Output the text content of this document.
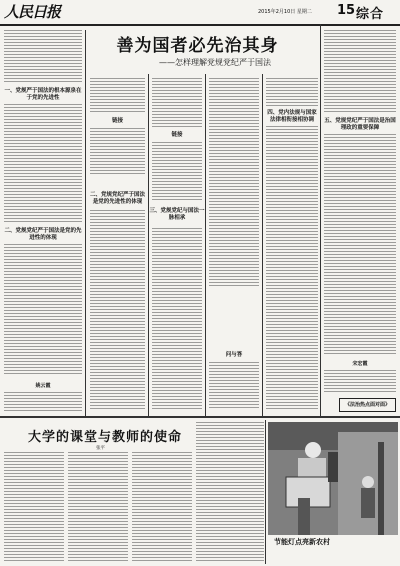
人民日报	2015年2月10日 星期二 15 综合
善为国者必先治其身
——怎样理解党规党纪严于国法
一、党规严于国法的根本源泉在于党的先进性
二、党规党纪严于国法是党的先进性的体现
姚云霞
链接
二、党规党纪严于国法是党的先进性的体现
链接
三、党规党纪与国法一脉相承
问与答
四、党内法规与国家法律相衔接相协调	五、党规党纪严于国法是治国理政的重要保障
宋宏霞
《法治热点面对面》
大学的课堂与教师的使命
张平
节能灯点亮新农村
